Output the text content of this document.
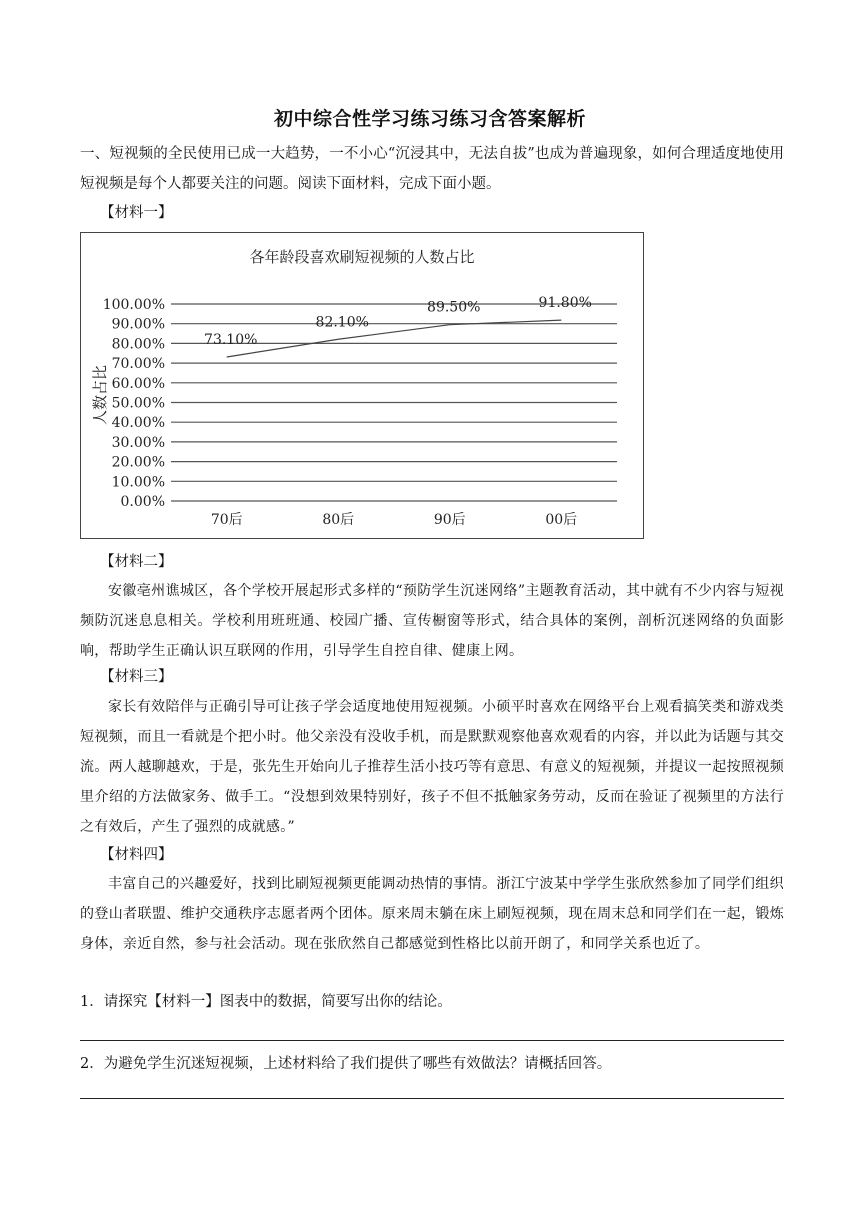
初中综合性学习练习练习含答案解析
一、短视频的全民使用已成一大趋势，一不小心“沉浸其中，无法自拔”也成为普遍现象，如何合理适度地使用短视频是每个人都要关注的问题。阅读下面材料，完成下面小题。
【材料一】
各年龄段喜欢刷短视频的人数占比
0.00%
10.00%
20.00%
30.00%
40.00%
50.00%
60.00%
70.00%
80.00%
90.00%
100.00%
70后	80后	90后	00后
人数占比
73.10%
82.10%
89.50%	91.80%
【材料二】
安徽亳州谯城区，各个学校开展起形式多样的“预防学生沉迷网络”主题教育活动，其中就有不少内容与短视频防沉迷息息相关。学校利用班班通、校园广播、宣传橱窗等形式，结合具体的案例，剖析沉迷网络的负面影响，帮助学生正确认识互联网的作用，引导学生自控自律、健康上网。
【材料三】
家长有效陪伴与正确引导可让孩子学会适度地使用短视频。小硕平时喜欢在网络平台上观看搞笑类和游戏类短视频，而且一看就是个把小时。他父亲没有没收手机，而是默默观察他喜欢观看的内容，并以此为话题与其交流。两人越聊越欢，于是，张先生开始向儿子推荐生活小技巧等有意思、有意义的短视频，并提议一起按照视频里介绍的方法做家务、做手工。“没想到效果特别好，孩子不但不抵触家务劳动，反而在验证了视频里的方法行之有效后，产生了强烈的成就感。”
【材料四】
丰富自己的兴趣爱好，找到比刷短视频更能调动热情的事情。浙江宁波某中学学生张欣然参加了同学们组织的登山者联盟、维护交通秩序志愿者两个团体。原来周末躺在床上刷短视频，现在周末总和同学们在一起，锻炼身体，亲近自然，参与社会活动。现在张欣然自己都感觉到性格比以前开朗了，和同学关系也近了。
1．请探究【材料一】图表中的数据，简要写出你的结论。
2．为避免学生沉迷短视频，上述材料给了我们提供了哪些有效做法？请概括回答。
